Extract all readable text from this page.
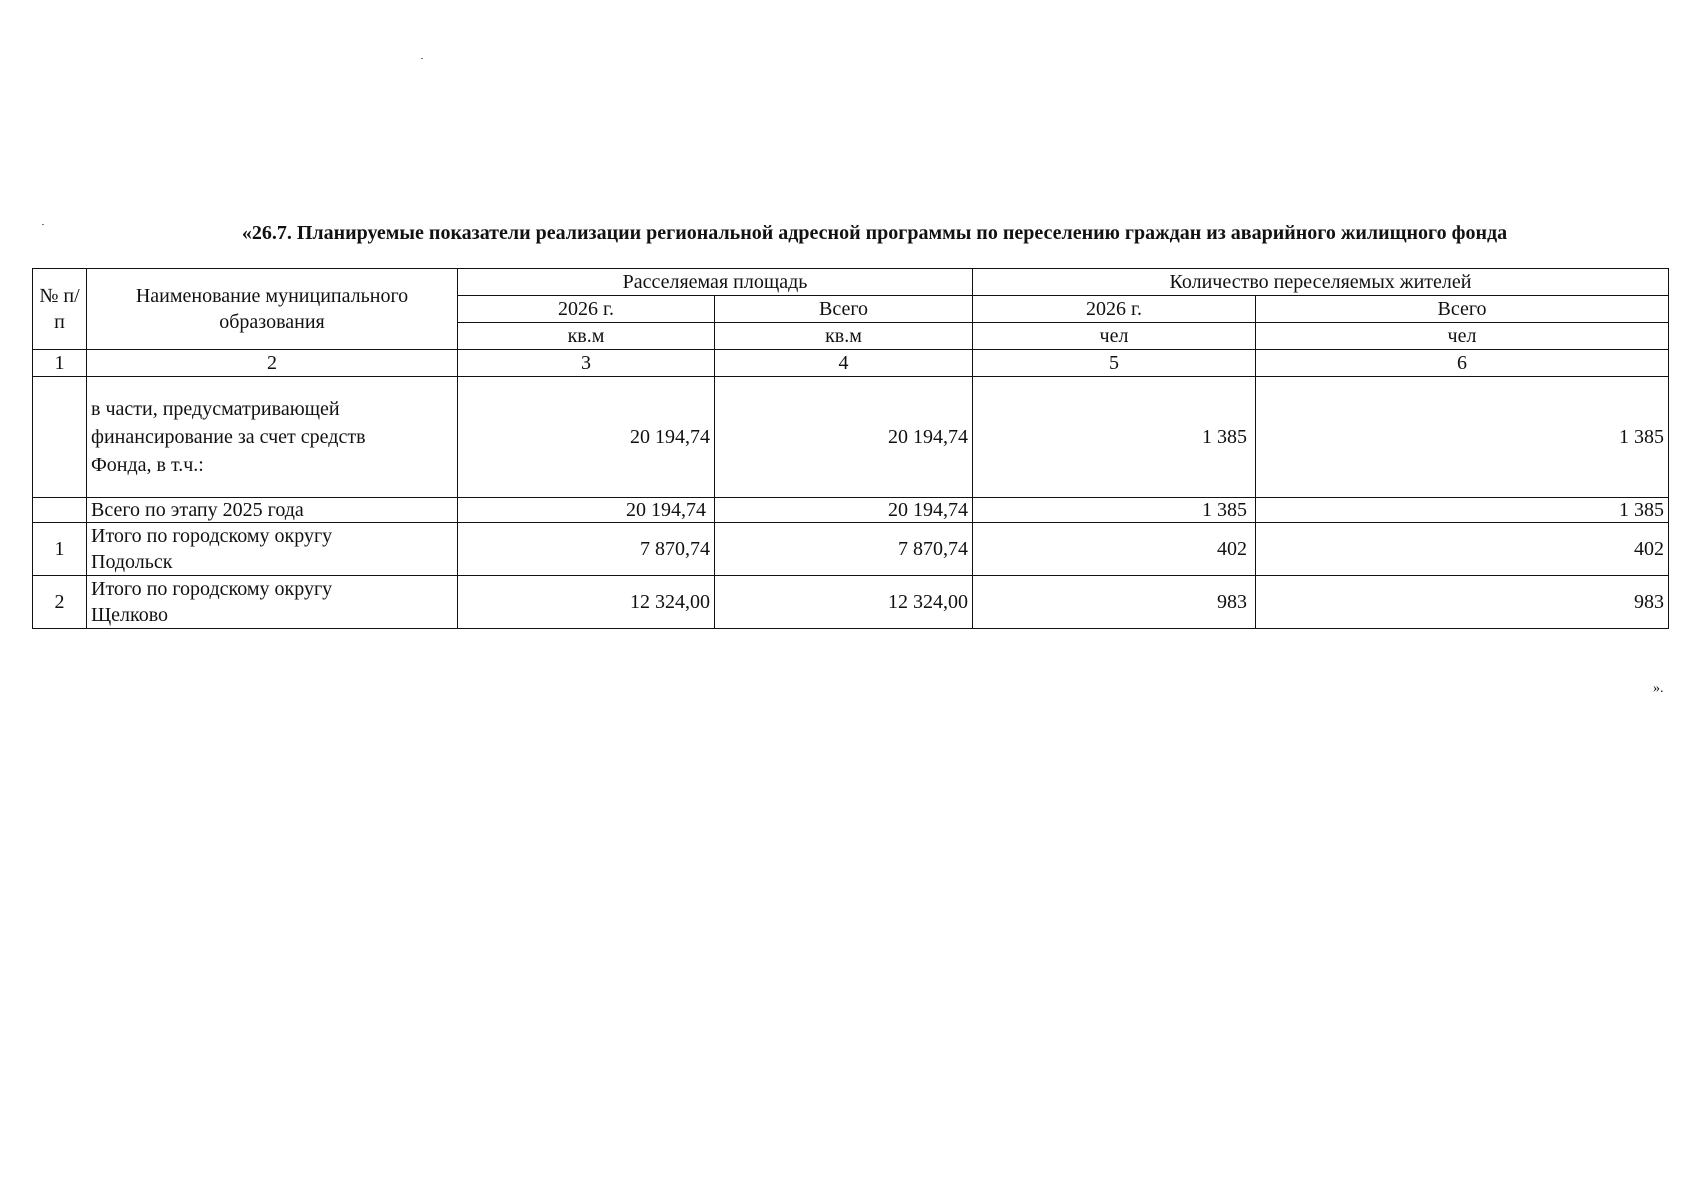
«26.7. Планируемые показатели реализации региональной адресной программы по переселению граждан из аварийного жилищного фонда
№ п/п	Наименование муниципального образования	Расселяемая площадь		Количество переселяемых жителей	
		2026 г.	Всего	2026 г.	Всего
		кв.м	кв.м	чел	чел
1	2	3	4	5	6
	в части, предусматривающей финансирование за счет средств Фонда, в т.ч.:	20 194,74	20 194,74	1 385	1 385
	Всего по этапу 2025 года	20 194,74	20 194,74	1 385	1 385
1	Итого по городскому округу Подольск	7 870,74	7 870,74	402	402
2	Итого по городскому округу Щелково	12 324,00	12 324,00	983	983
».
